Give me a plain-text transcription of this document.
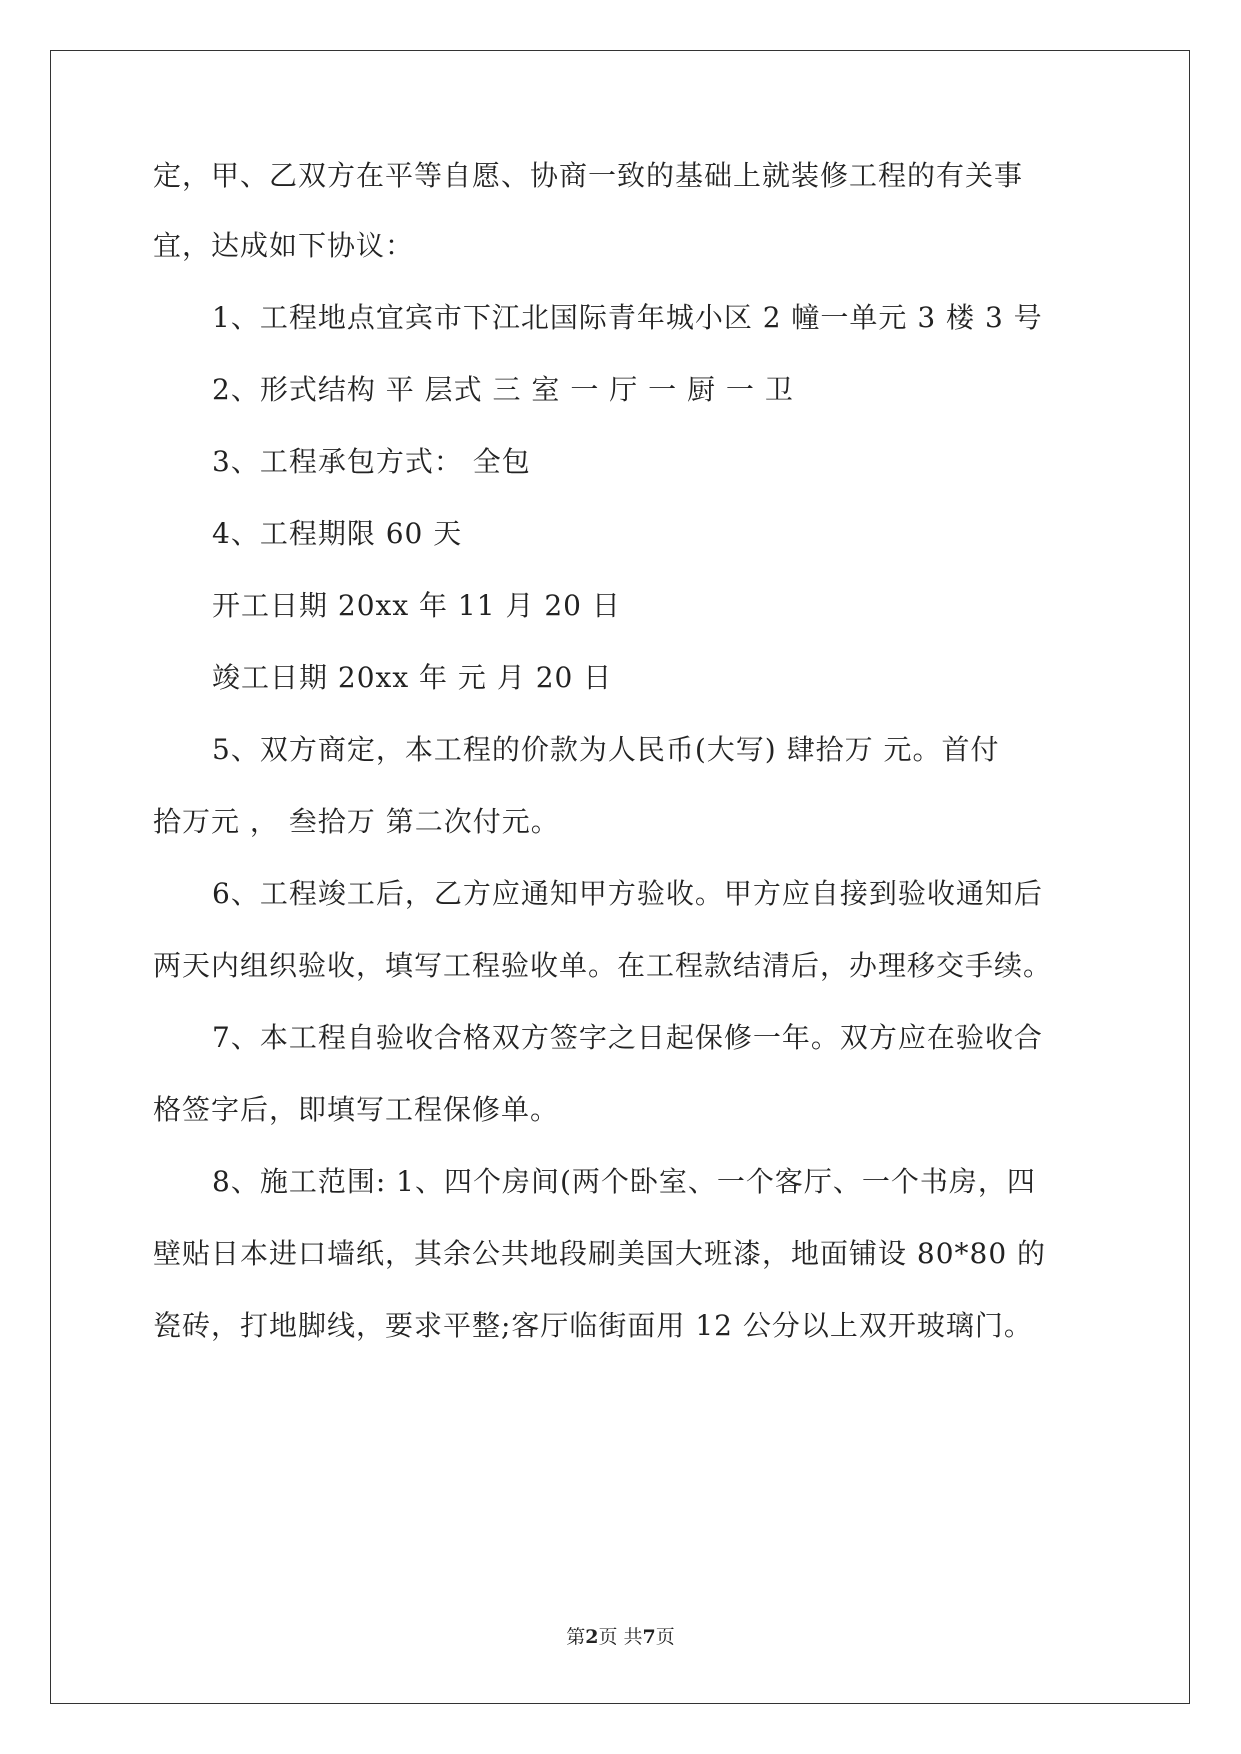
定，甲、乙双方在平等自愿、协商一致的基础上就装修工程的有关事
宜，达成如下协议：
1、工程地点宜宾市下江北国际青年城小区 2 幢一单元 3 楼 3 号
2、形式结构 平 层式 三 室 一 厅 一 厨 一 卫
3、工程承包方式： 全包
4、工程期限 60 天
开工日期 20xx 年 11 月 20 日
竣工日期 20xx 年 元 月 20 日
5、双方商定，本工程的价款为人民币(大写) 肆拾万 元。首付
拾万元 ， 叁拾万 第二次付元。
6、工程竣工后，乙方应通知甲方验收。甲方应自接到验收通知后
两天内组织验收，填写工程验收单。在工程款结清后，办理移交手续。
7、本工程自验收合格双方签字之日起保修一年。双方应在验收合
格签字后，即填写工程保修单。
8、施工范围: 1、四个房间(两个卧室、一个客厅、一个书房，四
壁贴日本进口墙纸，其余公共地段刷美国大班漆，地面铺设 80*80 的
瓷砖，打地脚线，要求平整;客厅临街面用 12 公分以上双开玻璃门。
第2页 共7页
